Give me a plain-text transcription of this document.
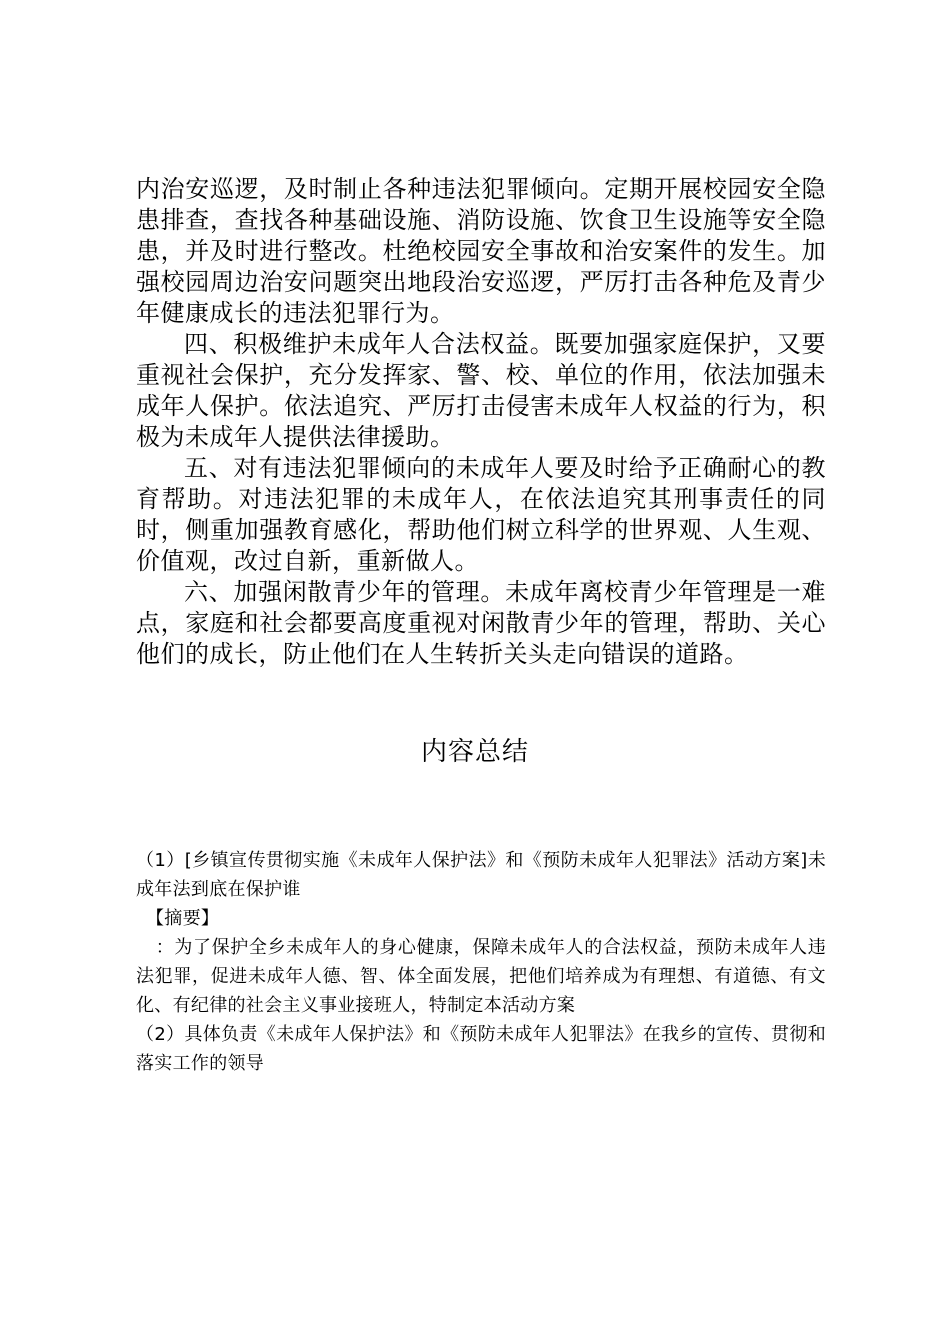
内治安巡逻，及时制止各种违法犯罪倾向。定期开展校园安全隐患排查，查找各种基础设施、消防设施、饮食卫生设施等安全隐患，并及时进行整改。杜绝校园安全事故和治安案件的发生。加强校园周边治安问题突出地段治安巡逻，严厉打击各种危及青少年健康成长的违法犯罪行为。

四、积极维护未成年人合法权益。既要加强家庭保护，又要重视社会保护，充分发挥家、警、校、单位的作用，依法加强未成年人保护。依法追究、严厉打击侵害未成年人权益的行为，积极为未成年人提供法律援助。

五、对有违法犯罪倾向的未成年人要及时给予正确耐心的教育帮助。对违法犯罪的未成年人，在依法追究其刑事责任的同时，侧重加强教育感化，帮助他们树立科学的世界观、人生观、价值观，改过自新，重新做人。

六、加强闲散青少年的管理。未成年离校青少年管理是一难点，家庭和社会都要高度重视对闲散青少年的管理，帮助、关心他们的成长，防止他们在人生转折关头走向错误的道路。

内容总结

（1）[乡镇宣传贯彻实施《未成年人保护法》和《预防未成年人犯罪法》活动方案]未成年法到底在保护谁

【摘要】

：为了保护全乡未成年人的身心健康，保障未成年人的合法权益，预防未成年人违法犯罪，促进未成年人德、智、体全面发展，把他们培养成为有理想、有道德、有文化、有纪律的社会主义事业接班人，特制定本活动方案

（2）具体负责《未成年人保护法》和《预防未成年人犯罪法》在我乡的宣传、贯彻和落实工作的领导
